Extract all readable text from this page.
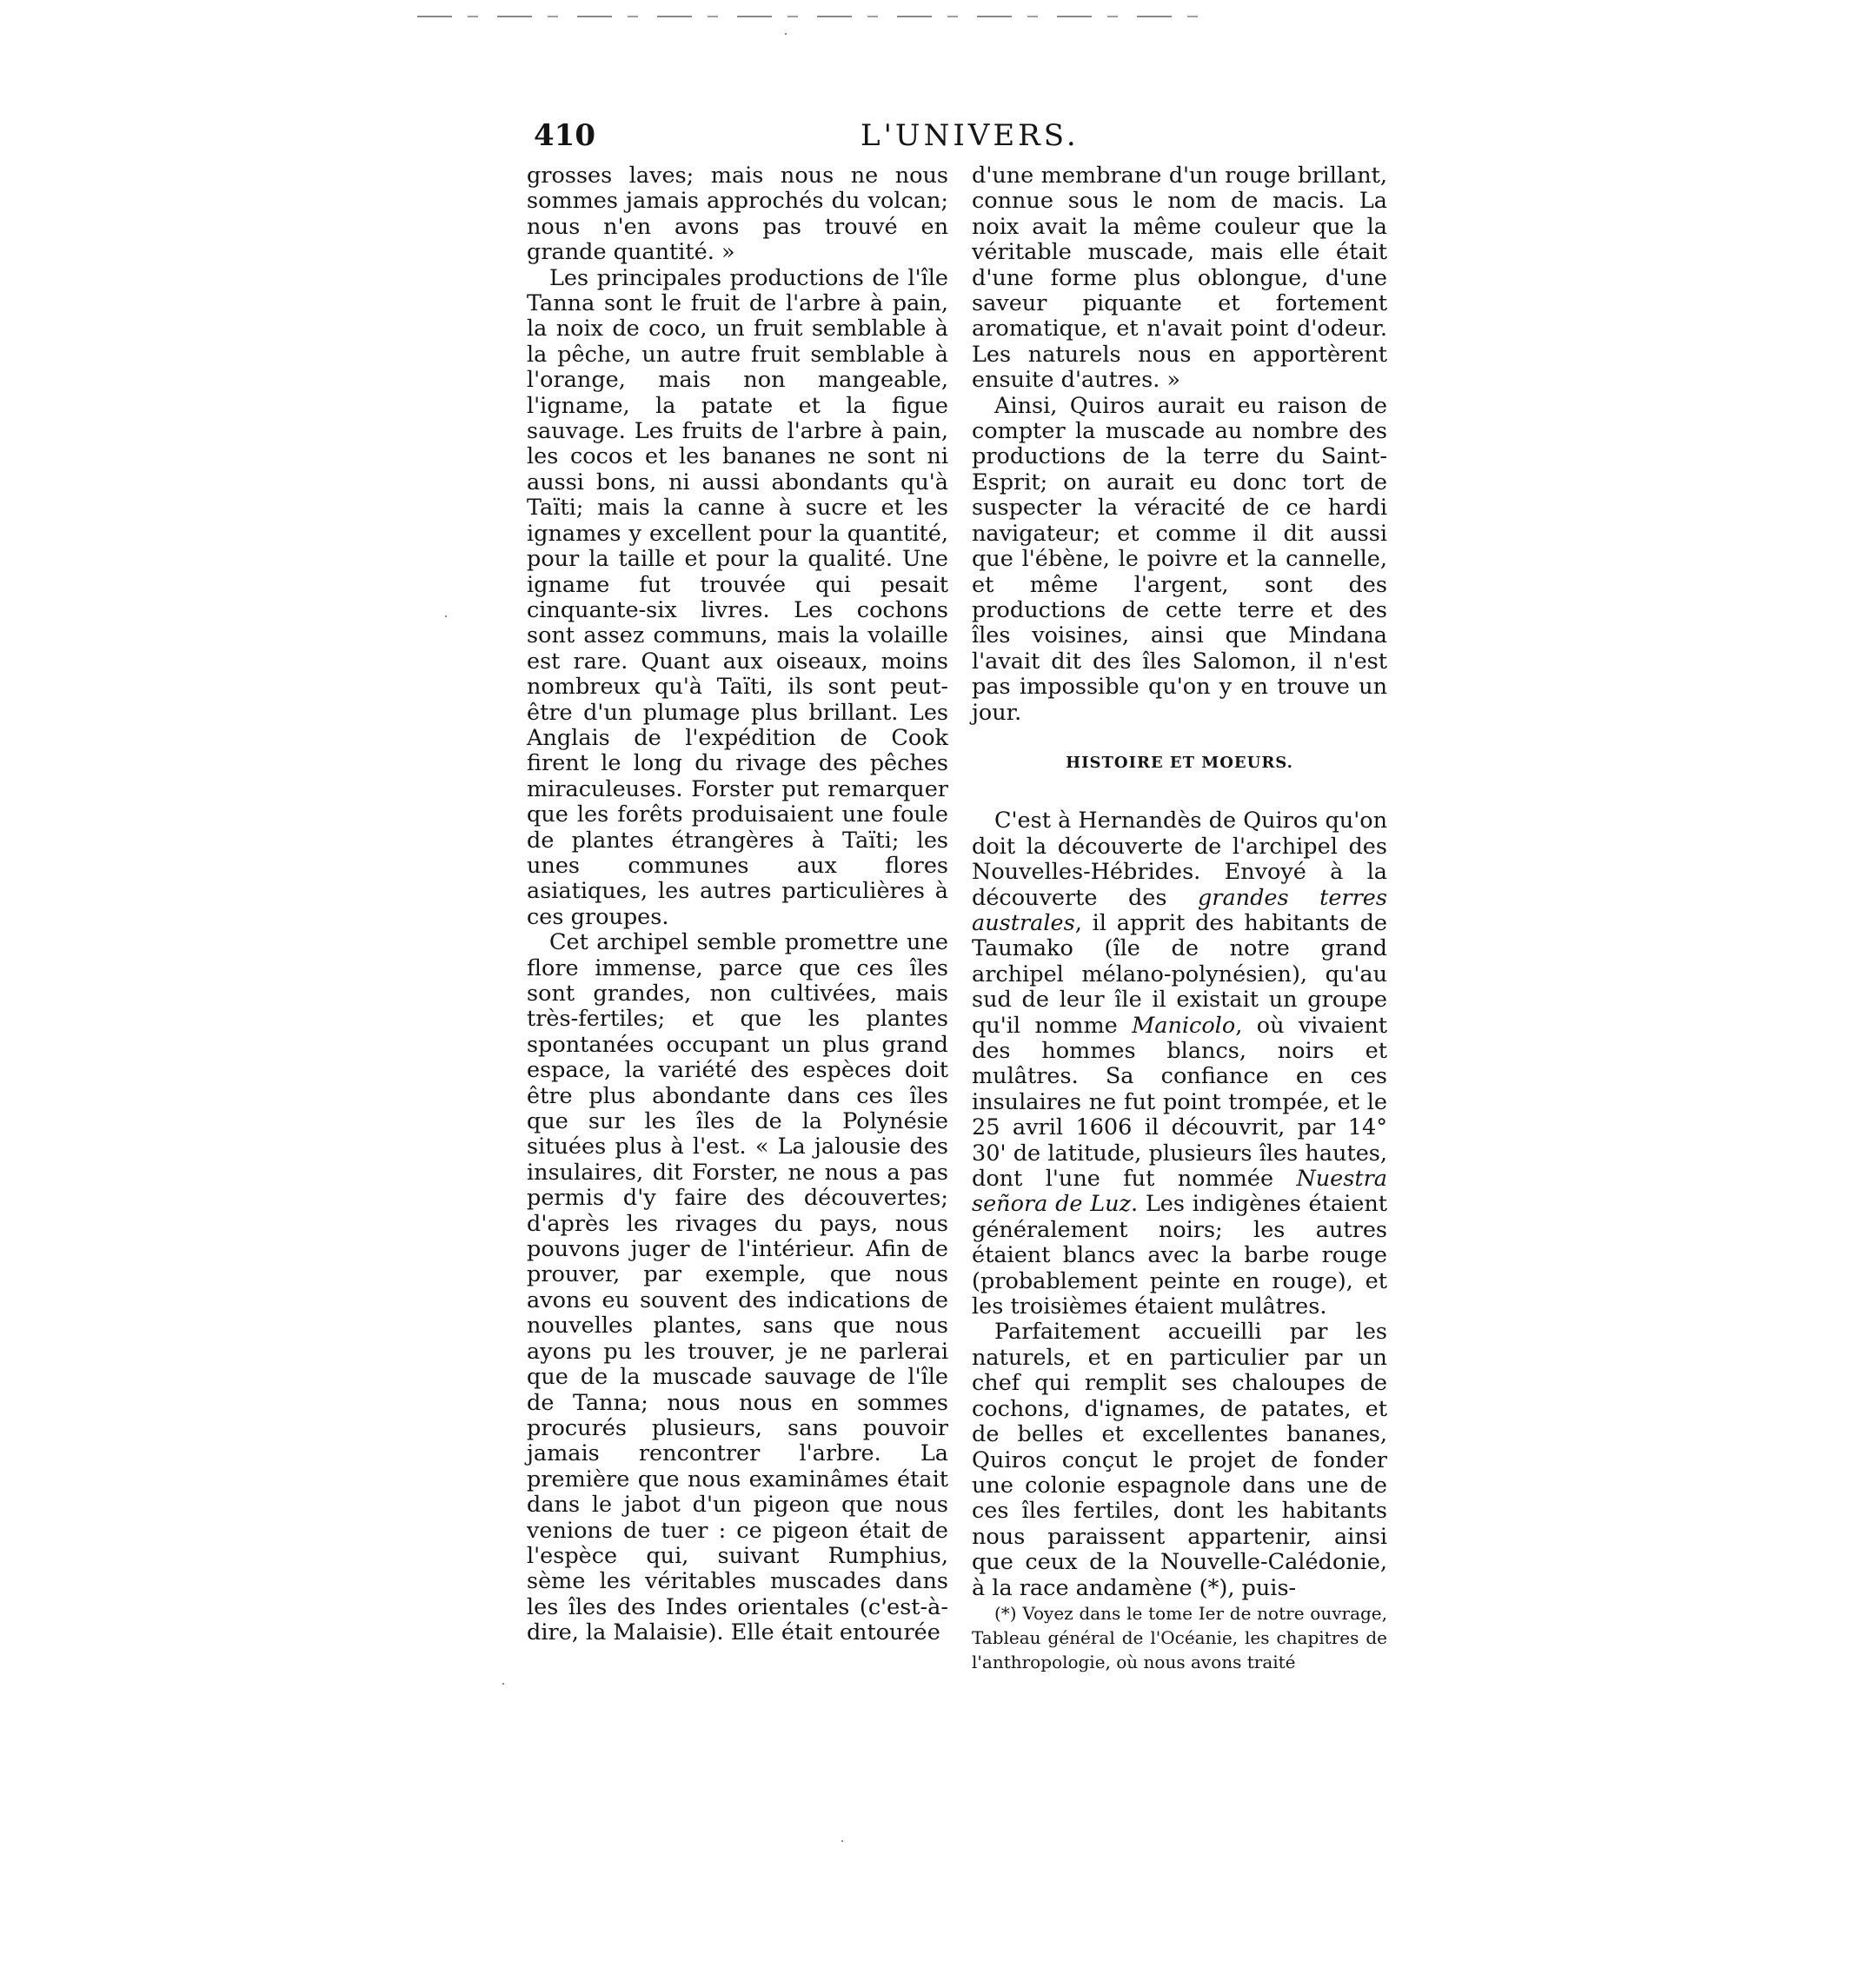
410	L'UNIVERS.

grosses laves; mais nous ne nous sommes jamais approchés du volcan; nous n'en avons pas trouvé en grande quantité. »

Les principales productions de l'île Tanna sont le fruit de l'arbre à pain, la noix de coco, un fruit semblable à la pêche, un autre fruit semblable à l'orange, mais non mangeable, l'igname, la patate et la figue sauvage. Les fruits de l'arbre à pain, les cocos et les bananes ne sont ni aussi bons, ni aussi abondants qu'à Taïti; mais la canne à sucre et les ignames y excellent pour la quantité, pour la taille et pour la qualité. Une igname fut trouvée qui pesait cinquante-six livres. Les cochons sont assez communs, mais la volaille est rare. Quant aux oiseaux, moins nombreux qu'à Taïti, ils sont peut-être d'un plumage plus brillant. Les Anglais de l'expédition de Cook firent le long du rivage des pêches miraculeuses. Forster put remarquer que les forêts produisaient une foule de plantes étrangères à Taïti; les unes communes aux flores asiatiques, les autres particulières à ces groupes.

Cet archipel semble promettre une flore immense, parce que ces îles sont grandes, non cultivées, mais très-fertiles; et que les plantes spontanées occupant un plus grand espace, la variété des espèces doit être plus abondante dans ces îles que sur les îles de la Polynésie situées plus à l'est. « La jalousie des insulaires, dit Forster, ne nous a pas permis d'y faire des découvertes; d'après les rivages du pays, nous pouvons juger de l'intérieur. Afin de prouver, par exemple, que nous avons eu souvent des indications de nouvelles plantes, sans que nous ayons pu les trouver, je ne parlerai que de la muscade sauvage de l'île de Tanna; nous nous en sommes procurés plusieurs, sans pouvoir jamais rencontrer l'arbre. La première que nous examinâmes était dans le jabot d'un pigeon que nous venions de tuer : ce pigeon était de l'espèce qui, suivant Rumphius, sème les véritables muscades dans les îles des Indes orientales (c'est-à-dire, la Malaisie). Elle était entourée

d'une membrane d'un rouge brillant, connue sous le nom de macis. La noix avait la même couleur que la véritable muscade, mais elle était d'une forme plus oblongue, d'une saveur piquante et fortement aromatique, et n'avait point d'odeur. Les naturels nous en apportèrent ensuite d'autres. »

Ainsi, Quiros aurait eu raison de compter la muscade au nombre des productions de la terre du Saint-Esprit; on aurait eu donc tort de suspecter la véracité de ce hardi navigateur; et comme il dit aussi que l'ébène, le poivre et la cannelle, et même l'argent, sont des productions de cette terre et des îles voisines, ainsi que Mindana l'avait dit des îles Salomon, il n'est pas impossible qu'on y en trouve un jour.

HISTOIRE ET MOEURS.

C'est à Hernandès de Quiros qu'on doit la découverte de l'archipel des Nouvelles-Hébrides. Envoyé à la découverte des grandes terres australes, il apprit des habitants de Taumako (île de notre grand archipel mélano-polynésien), qu'au sud de leur île il existait un groupe qu'il nomme Manicolo, où vivaient des hommes blancs, noirs et mulâtres. Sa confiance en ces insulaires ne fut point trompée, et le 25 avril 1606 il découvrit, par 14° 30' de latitude, plusieurs îles hautes, dont l'une fut nommée Nuestra señora de Luz. Les indigènes étaient généralement noirs; les autres étaient blancs avec la barbe rouge (probablement peinte en rouge), et les troisièmes étaient mulâtres.

Parfaitement accueilli par les naturels, et en particulier par un chef qui remplit ses chaloupes de cochons, d'ignames, de patates, et de belles et excellentes bananes, Quiros conçut le projet de fonder une colonie espagnole dans une de ces îles fertiles, dont les habitants nous paraissent appartenir, ainsi que ceux de la Nouvelle-Calédonie, à la race andamène (*), puis-

(*) Voyez dans le tome Ier de notre ouvrage, Tableau général de l'Océanie, les chapitres de l'anthropologie, où nous avons traité
